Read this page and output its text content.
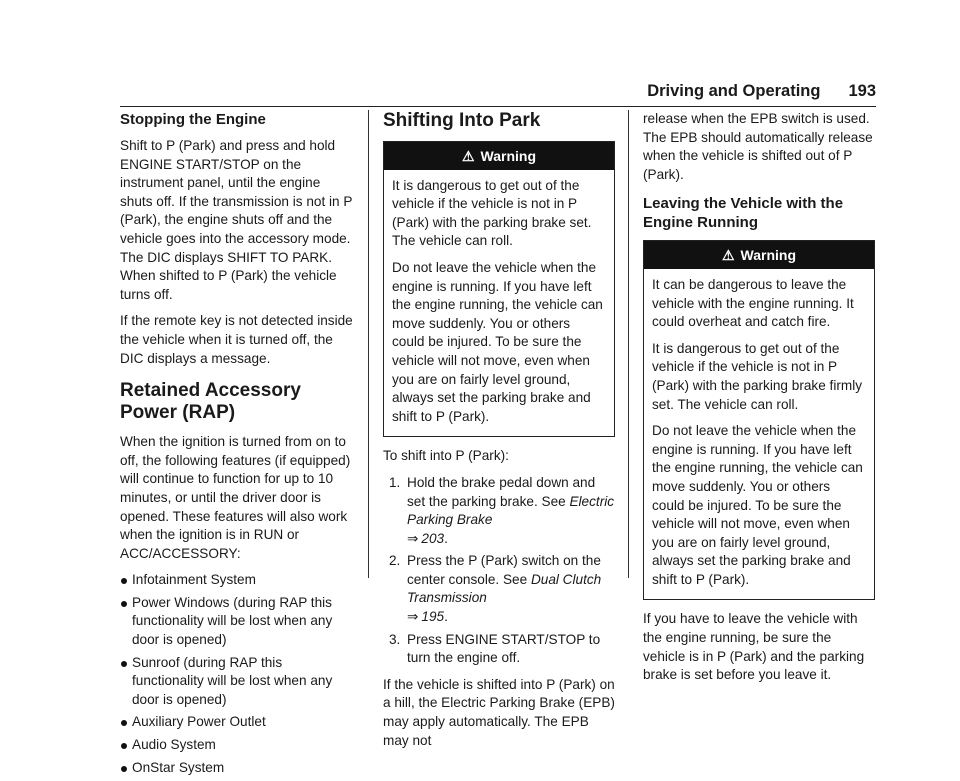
Driving and Operating 193
Stopping the Engine

Shift to P (Park) and press and hold ENGINE START/STOP on the instrument panel, until the engine shuts off. If the transmission is not in P (Park), the engine shuts off and the vehicle goes into the accessory mode. The DIC displays SHIFT TO PARK. When shifted to P (Park) the vehicle turns off.

If the remote key is not detected inside the vehicle when it is turned off, the DIC displays a message.

Retained Accessory Power (RAP)

When the ignition is turned from on to off, the following features (if equipped) will continue to function for up to 10 minutes, or until the driver door is opened. These features will also work when the ignition is in RUN or ACC/ACCESSORY:

Infotainment System
Power Windows (during RAP this functionality will be lost when any door is opened)
Sunroof (during RAP this functionality will be lost when any door is opened)
Auxiliary Power Outlet
Audio System
OnStar System
Shifting Into Park
⚠ Warning

It is dangerous to get out of the vehicle if the vehicle is not in P (Park) with the parking brake set. The vehicle can roll.

Do not leave the vehicle when the engine is running. If you have left the engine running, the vehicle can move suddenly. You or others could be injured. To be sure the vehicle will not move, even when you are on fairly level ground, always set the parking brake and shift to P (Park).

To shift into P (Park):

1. Hold the brake pedal down and set the parking brake. See Electric Parking Brake
⇒ 203.
2. Press the P (Park) switch on the center console. See Dual Clutch Transmission
⇒ 195.
3. Press ENGINE START/STOP to turn the engine off.

If the vehicle is shifted into P (Park) on a hill, the Electric Parking Brake (EPB) may apply automatically. The EPB may not

release when the EPB switch is used. The EPB should automatically release when the vehicle is shifted out of P (Park).

Leaving the Vehicle with the Engine Running
⚠ Warning

It can be dangerous to leave the vehicle with the engine running. It could overheat and catch fire.

It is dangerous to get out of the vehicle if the vehicle is not in P (Park) with the parking brake firmly set. The vehicle can roll.

Do not leave the vehicle when the engine is running. If you have left the engine running, the vehicle can move suddenly. You or others could be injured. To be sure the vehicle will not move, even when you are on fairly level ground, always set the parking brake and shift to P (Park).

If you have to leave the vehicle with the engine running, be sure the vehicle is in P (Park) and the parking brake is set before you leave it.
